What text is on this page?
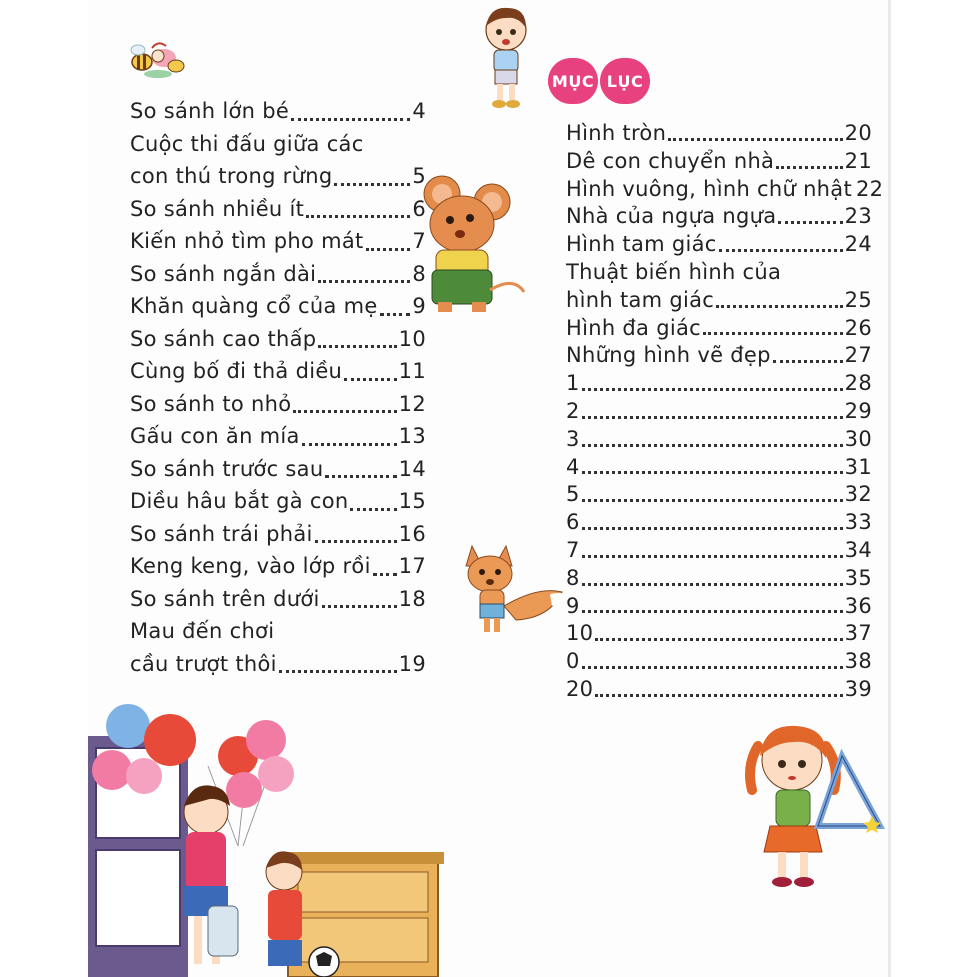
MỤC LỤC
So sánh lớn bé	4
Cuộc thi đấu giữa các
con thú trong rừng	5
So sánh nhiều ít	6
Kiến nhỏ tìm pho mát 7
So sánh ngắn dài	8
Khăn quàng cổ của mẹ 9
So sánh cao thấp	10
Cùng bố đi thả diều	11
So sánh to nhỏ	12
Gấu con ăn mía	13
So sánh trước sau	14
Diều hâu bắt gà con 15
So sánh trái phải	16
Keng keng, vào lớp rồi 17
So sánh trên dưới	18
Mau đến chơi
cầu trượt thôi	19
Hình tròn	20
Dê con chuyển nhà	21
Hình vuông, hình chữ nhật 22
Nhà của ngựa ngựa	23
Hình tam giác	24
Thuật biến hình của
hình tam giác	25
Hình đa giác	26
Những hình vẽ đẹp	27
1	28
2	29
3	30
4	31
5	32
6	33
7	34
8	35
9	36
10	37
0	38
20	39
